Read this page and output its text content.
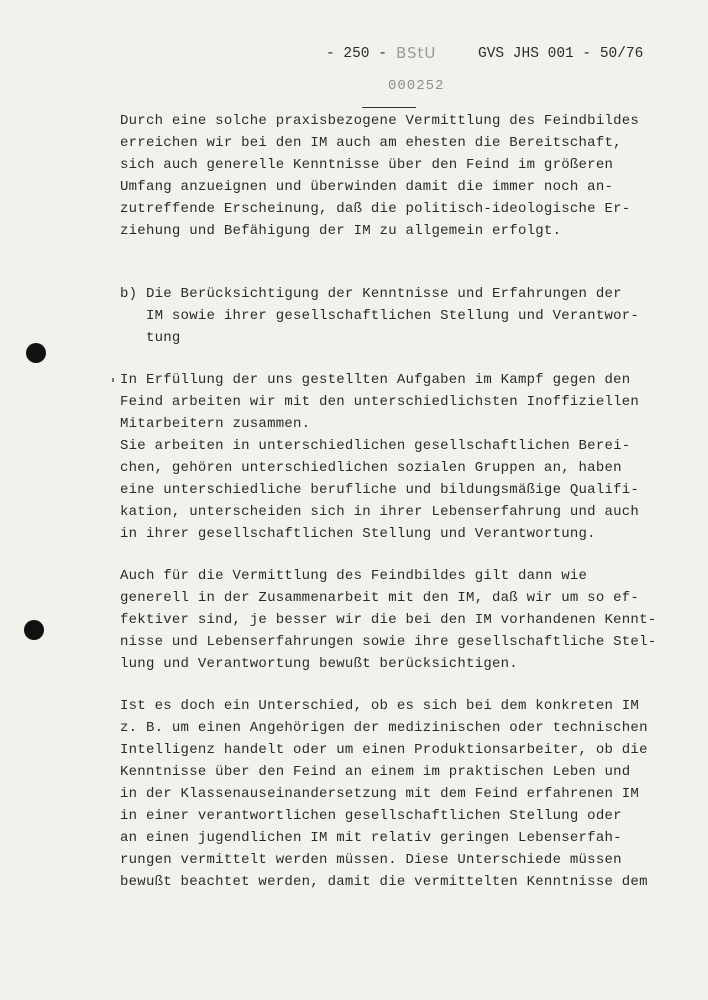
- 250 - BStU	GVS JHS 001 - 50/76
000252
Durch eine solche praxisbezogene Vermittlung des Feindbildes
erreichen wir bei den IM auch am ehesten die Bereitschaft,
sich auch generelle Kenntnisse über den Feind im größeren
Umfang anzueignen und überwinden damit die immer noch an-
zutreffende Erscheinung, daß die politisch-ideologische Er-
ziehung und Befähigung der IM zu allgemein erfolgt.
b) Die Berücksichtigung der Kenntnisse und Erfahrungen der
IM sowie ihrer gesellschaftlichen Stellung und Verantwor-
tung
In Erfüllung der uns gestellten Aufgaben im Kampf gegen den
Feind arbeiten wir mit den unterschiedlichsten Inoffiziellen
Mitarbeitern zusammen.
Sie arbeiten in unterschiedlichen gesellschaftlichen Berei-
chen, gehören unterschiedlichen sozialen Gruppen an, haben
eine unterschiedliche berufliche und bildungsmäßige Qualifi-
kation, unterscheiden sich in ihrer Lebenserfahrung und auch
in ihrer gesellschaftlichen Stellung und Verantwortung.
Auch für die Vermittlung des Feindbildes gilt dann wie
generell in der Zusammenarbeit mit den IM, daß wir um so ef-
fektiver sind, je besser wir die bei den IM vorhandenen Kennt-
nisse und Lebenserfahrungen sowie ihre gesellschaftliche Stel-
lung und Verantwortung bewußt berücksichtigen.
Ist es doch ein Unterschied, ob es sich bei dem konkreten IM
z. B. um einen Angehörigen der medizinischen oder technischen
Intelligenz handelt oder um einen Produktionsarbeiter, ob die
Kenntnisse über den Feind an einem im praktischen Leben und
in der Klassenauseinandersetzung mit dem Feind erfahrenen IM
in einer verantwortlichen gesellschaftlichen Stellung oder
an einen jugendlichen IM mit relativ geringen Lebenserfah-
rungen vermittelt werden müssen. Diese Unterschiede müssen
bewußt beachtet werden, damit die vermittelten Kenntnisse dem
